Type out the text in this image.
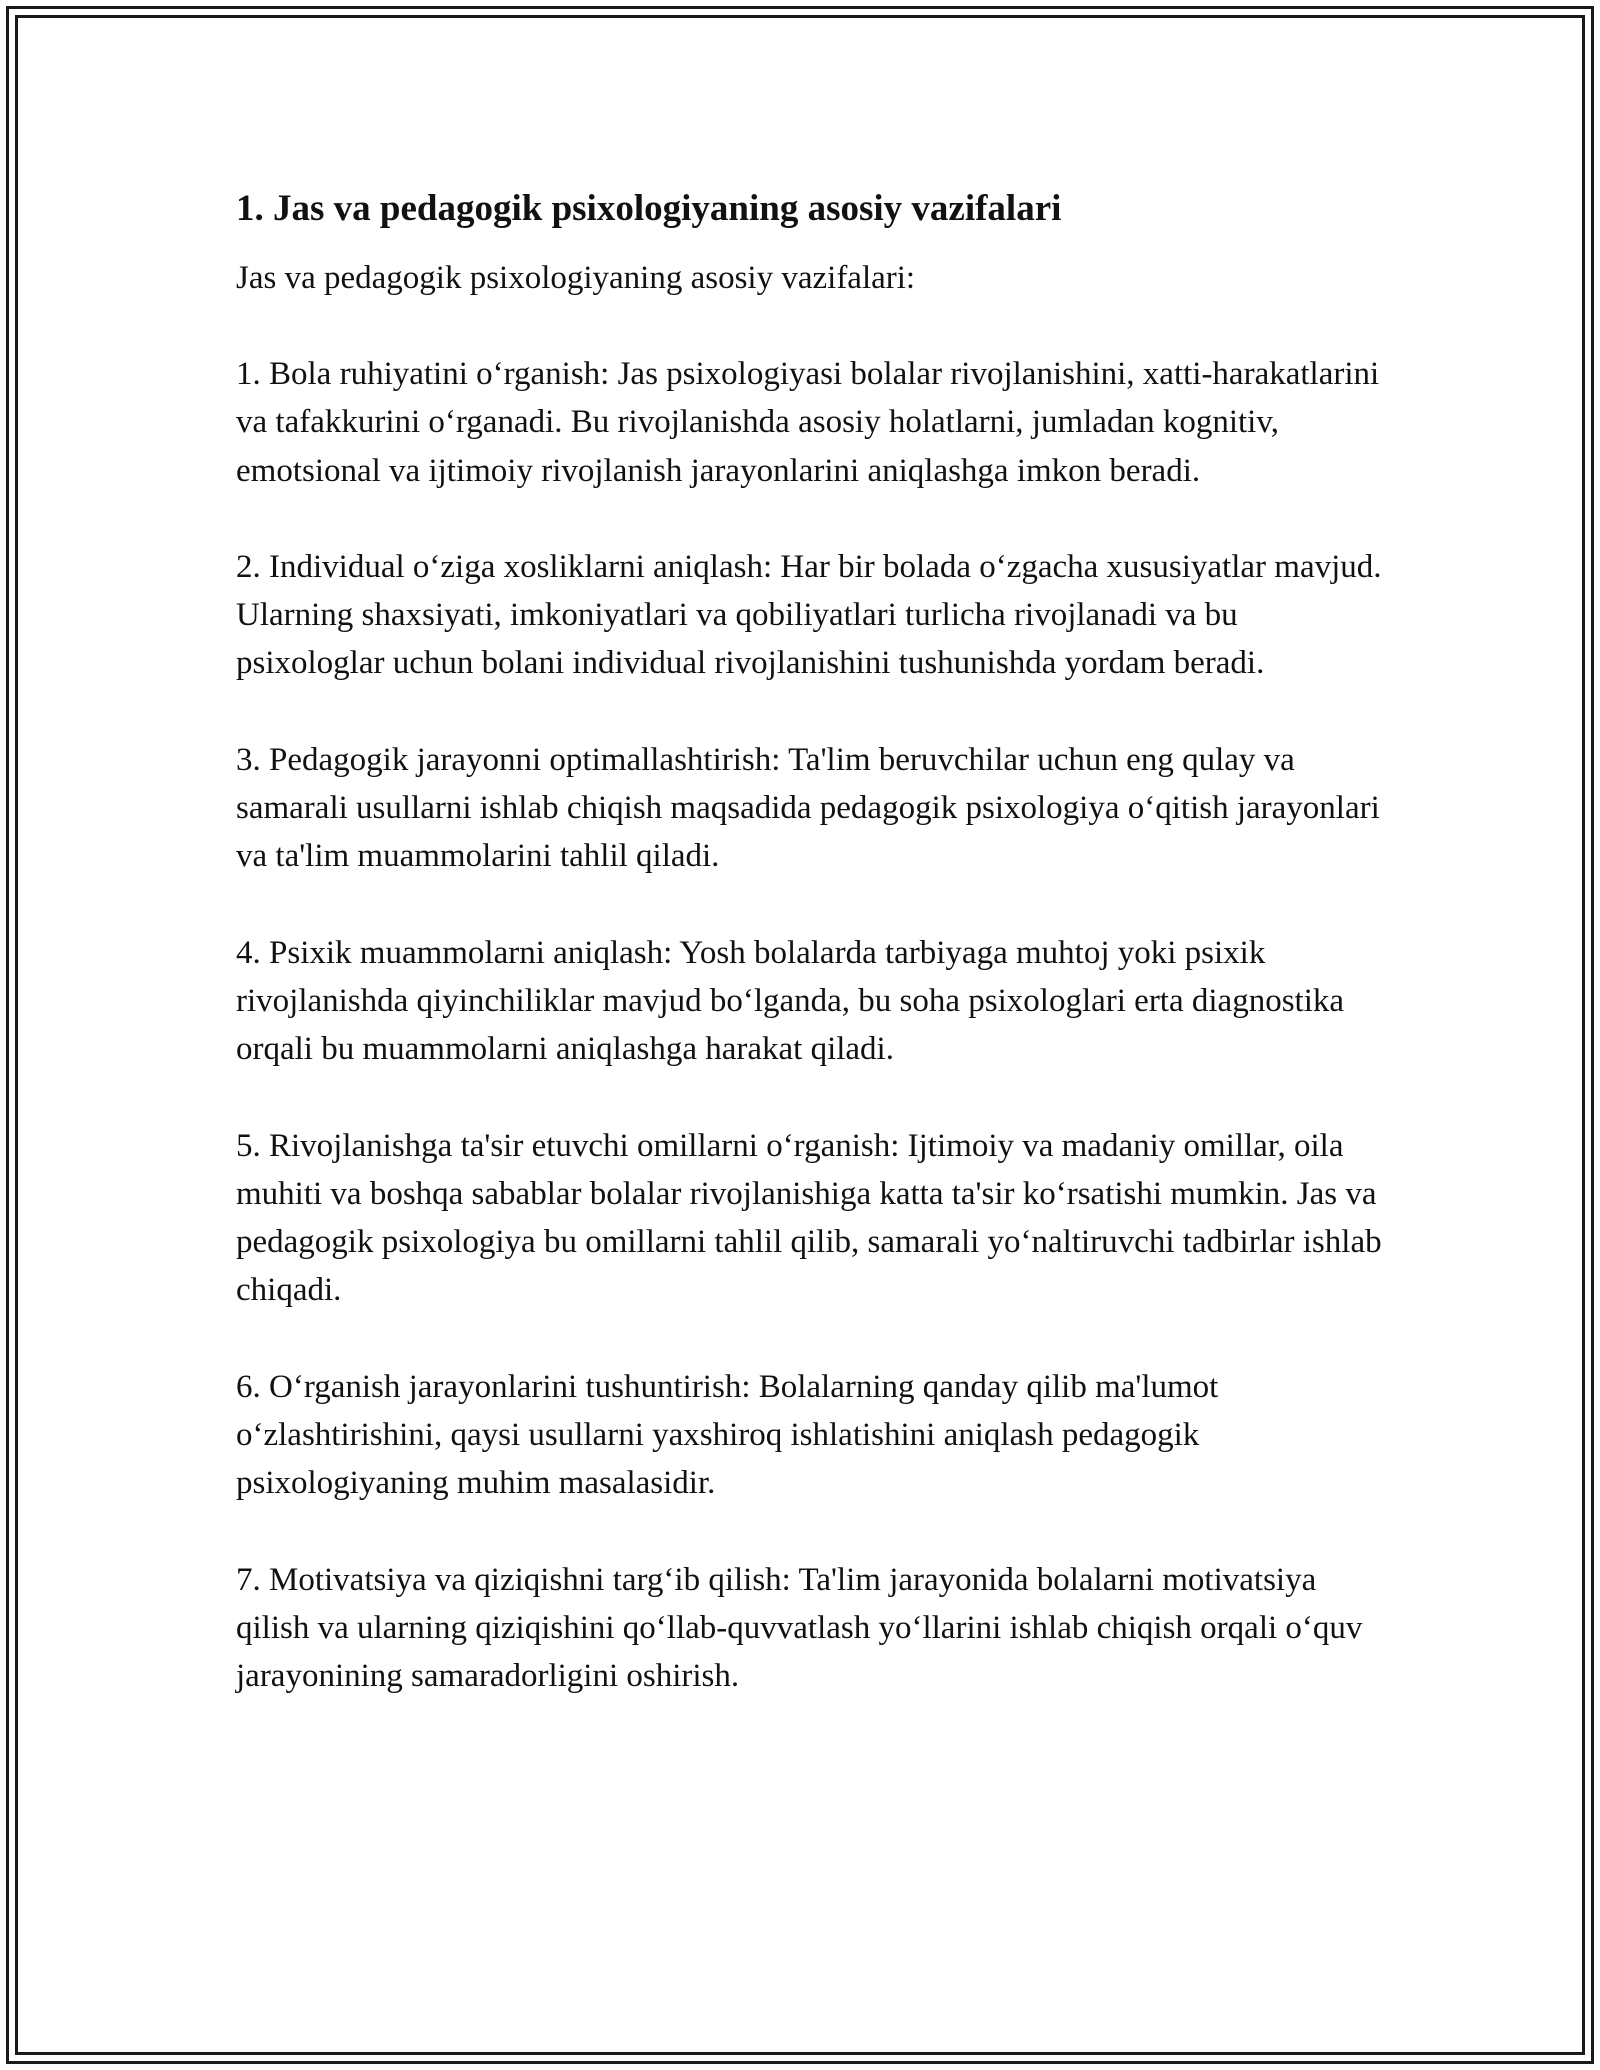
1. Jas va pedagogik psixologiyaning asosiy vazifalari
Jas va pedagogik psixologiyaning asosiy vazifalari:
1. Bola ruhiyatini o‘rganish: Jas psixologiyasi bolalar rivojlanishini, xatti-harakatlarini va tafakkurini o‘rganadi. Bu rivojlanishda asosiy holatlarni, jumladan kognitiv, emotsional va ijtimoiy rivojlanish jarayonlarini aniqlashga imkon beradi.
2. Individual o‘ziga xosliklarni aniqlash: Har bir bolada o‘zgacha xususiyatlar mavjud. Ularning shaxsiyati, imkoniyatlari va qobiliyatlari turlicha rivojlanadi va bu psixologlar uchun bolani individual rivojlanishini tushunishda yordam beradi.
3. Pedagogik jarayonni optimallashtirish: Ta'lim beruvchilar uchun eng qulay va samarali usullarni ishlab chiqish maqsadida pedagogik psixologiya o‘qitish jarayonlari va ta'lim muammolarini tahlil qiladi.
4. Psixik muammolarni aniqlash: Yosh bolalarda tarbiyaga muhtoj yoki psixik rivojlanishda qiyinchiliklar mavjud bo‘lganda, bu soha psixologlari erta diagnostika orqali bu muammolarni aniqlashga harakat qiladi.
5. Rivojlanishga ta'sir etuvchi omillarni o‘rganish: Ijtimoiy va madaniy omillar, oila muhiti va boshqa sabablar bolalar rivojlanishiga katta ta'sir ko‘rsatishi mumkin. Jas va pedagogik psixologiya bu omillarni tahlil qilib, samarali yo‘naltiruvchi tadbirlar ishlab chiqadi.
6. O‘rganish jarayonlarini tushuntirish: Bolalarning qanday qilib ma'lumot o‘zlashtirishini, qaysi usullarni yaxshiroq ishlatishini aniqlash pedagogik psixologiyaning muhim masalasidir.
7. Motivatsiya va qiziqishni targ‘ib qilish: Ta'lim jarayonida bolalarni motivatsiya qilish va ularning qiziqishini qo‘llab-quvvatlash yo‘llarini ishlab chiqish orqali o‘quv jarayonining samaradorligini oshirish.
